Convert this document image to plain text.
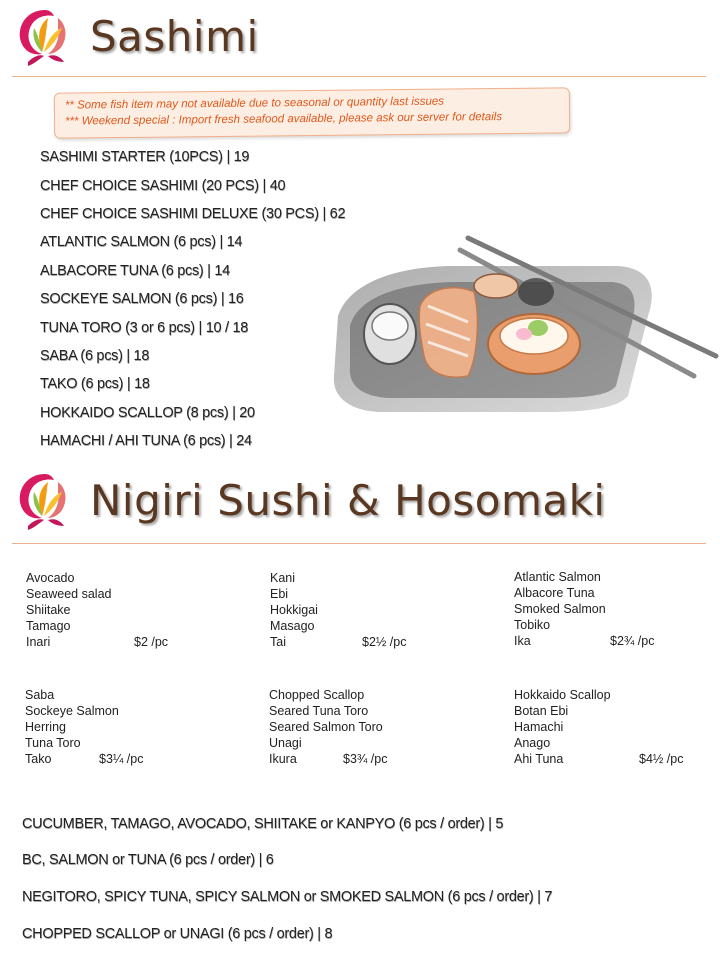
Sashimi
** Some fish item may not available due to seasonal or quantity last issues
*** Weekend special : Import fresh seafood available, please ask our server for details
SASHIMI STARTER (10PCS) | 19
CHEF CHOICE SASHIMI (20 PCS) | 40
CHEF CHOICE SASHIMI DELUXE (30 PCS) | 62
ATLANTIC SALMON (6 pcs) | 14
ALBACORE TUNA (6 pcs) | 14
SOCKEYE SALMON (6 pcs) | 16
TUNA TORO (3 or 6 pcs) | 10 / 18
SABA (6 pcs) | 18
TAKO (6 pcs) | 18
HOKKAIDO SCALLOP (8 pcs) | 20
HAMACHI / AHI TUNA (6 pcs) | 24
Nigiri Sushi & Hosomaki
Avocado
Seaweed salad
Shiitake
Tamago
Inari	$2 /pc
Kani
Ebi
Hokkigai
Masago
Tai	$2½ /pc
Atlantic Salmon
Albacore Tuna
Smoked Salmon
Tobiko
Ika	$2¾ /pc
Saba
Sockeye Salmon
Herring
Tuna Toro
Tako	$3¼ /pc
Chopped Scallop
Seared Tuna Toro
Seared Salmon Toro
Unagi
Ikura	$3¾ /pc
Hokkaido Scallop
Botan Ebi
Hamachi
Anago
Ahi Tuna	$4½ /pc
CUCUMBER, TAMAGO, AVOCADO, SHIITAKE or KANPYO (6 pcs / order) | 5
BC, SALMON or TUNA (6 pcs / order) | 6
NEGITORO, SPICY TUNA, SPICY SALMON or SMOKED SALMON (6 pcs / order) | 7
CHOPPED SCALLOP or UNAGI (6 pcs / order) | 8
